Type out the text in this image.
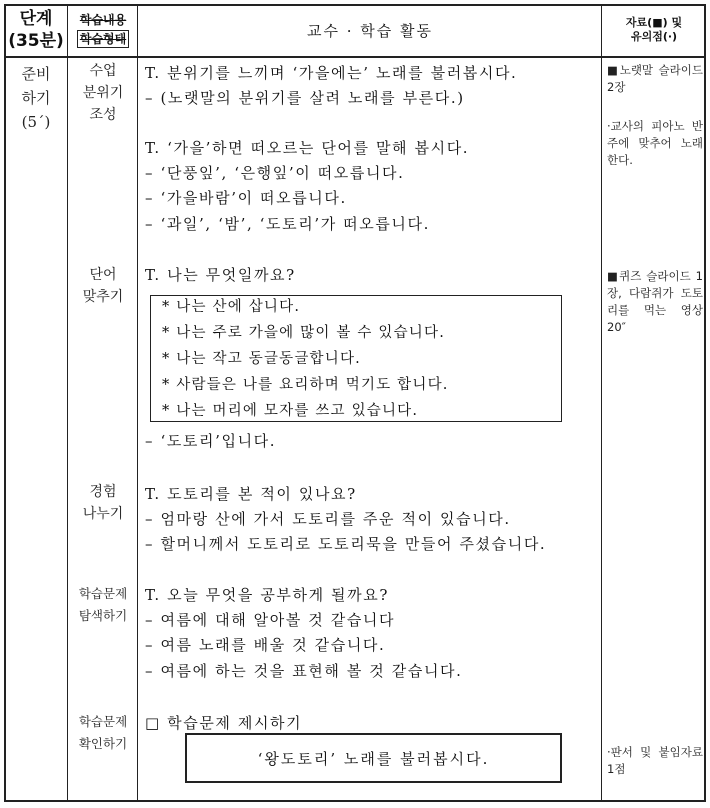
단계
(35분)
학습내용
학습형태	교수 · 학습 활동	자료(■) 및
유의점(·)
준비
하기
(5´)
수업
분위기
조성
단어
맞추기
경험
나누기
학습문제
탐색하기
학습문제
확인하기
T. 분위기를 느끼며 ‘가을에는’ 노래를 불러봅시다.
– (노랫말의 분위기를 살려 노래를 부른다.)
T. ‘가을’하면 떠오르는 단어를 말해 봅시다.
– ‘단풍잎’, ‘은행잎’이 떠오릅니다.
– ‘가을바람’이 떠오릅니다.
– ‘과일’, ‘밤’, ‘도토리’가 떠오릅니다.
T. 나는 무엇일까요?
* 나는 산에 삽니다.
* 나는 주로 가을에 많이 볼 수 있습니다.
* 나는 작고 동글동글합니다.
* 사람들은 나를 요리하며 먹기도 합니다.
* 나는 머리에 모자를 쓰고 있습니다.
– ‘도토리’입니다.
T. 도토리를 본 적이 있나요?
– 엄마랑 산에 가서 도토리를 주운 적이 있습니다.
– 할머니께서 도토리로 도토리묵을 만들어 주셨습니다.
T. 오늘 무엇을 공부하게 될까요?
– 여름에 대해 알아볼 것 같습니다
– 여름 노래를 배울 것 같습니다.
– 여름에 하는 것을 표현해 볼 것 같습니다.
□ 학습문제 제시하기
‘왕도토리’ 노래를 불러봅시다.
■노랫말 슬라이드 2장
·교사의 피아노 반주에 맞추어 노래한다.
■퀴즈 슬라이드 1장, 다람쥐가 도토리를 먹는 영상 20″
·판서 및 붙임자료 1점
